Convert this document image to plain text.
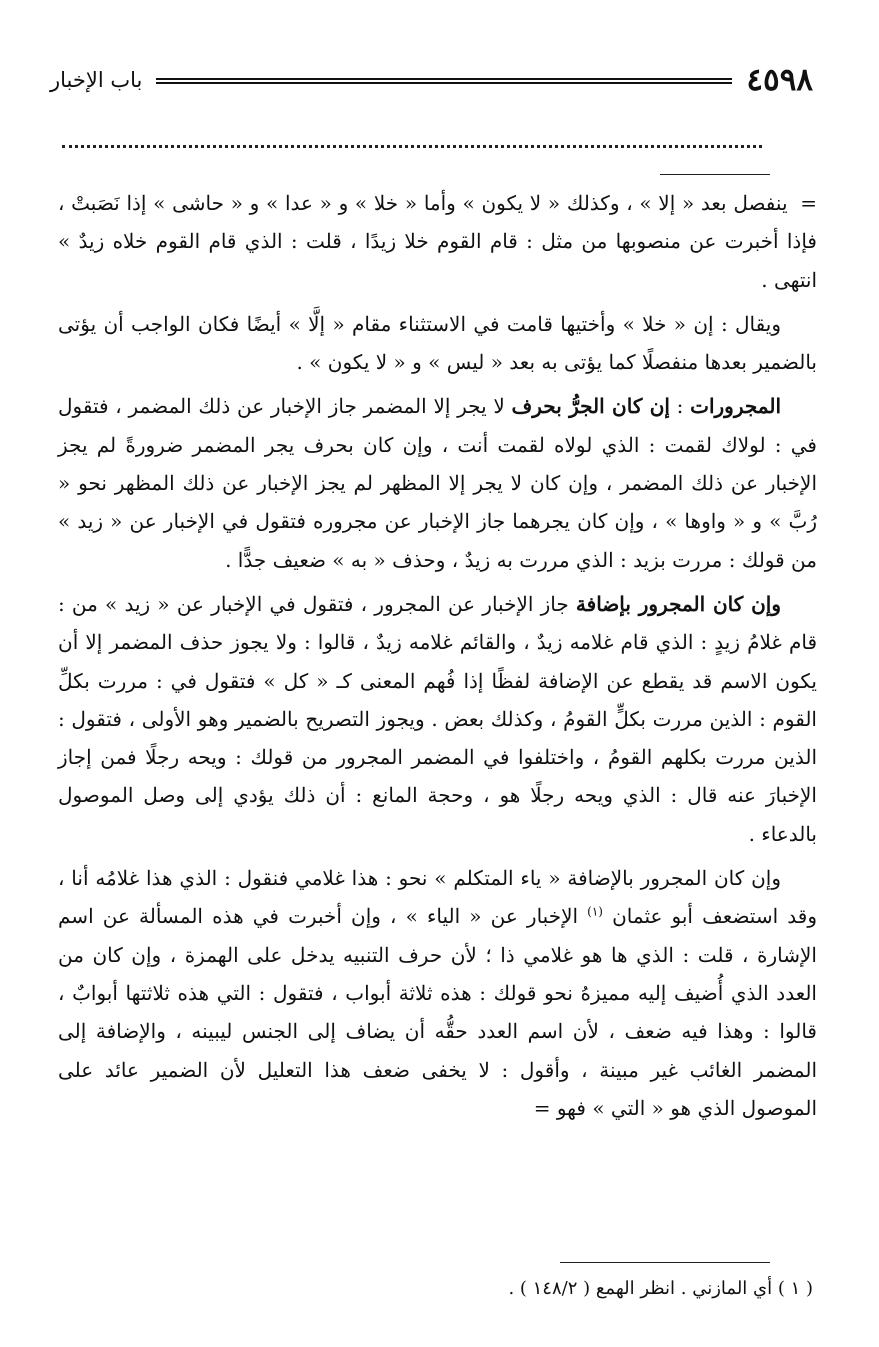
٤٥٩٨
باب الإخبار

= ينفصل بعد « إلا » ، وكذلك « لا يكون » وأما « خلا » و « عدا » و « حاشى » إذا نَصَبتْ ، فإذا أخبرت عن منصوبها من مثل : قام القوم خلا زيدًا ، قلت : الذي قام القوم خلاه زيدٌ » انتهى .

ويقال : إن « خلا » وأختيها قامت في الاستثناء مقام « إلَّا » أيضًا فكان الواجب أن يؤتى بالضمير بعدها منفصلًا كما يؤتى به بعد « ليس » و « لا يكون » .

المجرورات : إن كان الجرُّ بحرف لا يجر إلا المضمر جاز الإخبار عن ذلك المضمر ، فتقول في : لولاك لقمت : الذي لولاه لقمت أنت ، وإن كان بحرف يجر المضمر ضرورةً لم يجز الإخبار عن ذلك المضمر ، وإن كان لا يجر إلا المظهر لم يجز الإخبار عن ذلك المظهر نحو « رُبَّ » و « واوها » ، وإن كان يجرهما جاز الإخبار عن مجروره فتقول في الإخبار عن « زيد » من قولك : مررت بزيد : الذي مررت به زيدٌ ، وحذف « به » ضعيف جدًّا .

وإن كان المجرور بإضافة جاز الإخبار عن المجرور ، فتقول في الإخبار عن « زيد » من : قام غلامُ زيدٍ : الذي قام غلامه زيدٌ ، والقائم غلامه زيدٌ ، قالوا : ولا يجوز حذف المضمر إلا أن يكون الاسم قد يقطع عن الإضافة لفظًا إذا فُهم المعنى كـ « كل » فتقول في : مررت بكلِّ القوم : الذين مررت بكلٍّ القومُ ، وكذلك بعض . ويجوز التصريح بالضمير وهو الأولى ، فتقول : الذين مررت بكلهم القومُ ، واختلفوا في المضمر المجرور من قولك : ويحه رجلًا فمن إجاز الإخبارَ عنه قال : الذي ويحه رجلًا هو ، وحجة المانع : أن ذلك يؤدي إلى وصل الموصول بالدعاء .

وإن كان المجرور بالإضافة « ياء المتكلم » نحو : هذا غلامي فنقول : الذي هذا غلامُه أنا ، وقد استضعف أبو عثمان $^{(١)}$ الإخبار عن « الياء » ، وإن أخبرت في هذه المسألة عن اسم الإشارة ، قلت : الذي ها هو غلامي ذا ؛ لأن حرف التنبيه يدخل على الهمزة ، وإن كان من العدد الذي أُضيف إليه مميزهُ نحو قولك : هذه ثلاثة أبواب ، فتقول : التي هذه ثلاثتها أبوابٌ ، قالوا : وهذا فيه ضعف ، لأن اسم العدد حقُّه أن يضاف إلى الجنس ليبينه ، والإضافة إلى المضمر الغائب غير مبينة ، وأقول : لا يخفى ضعف هذا التعليل لأن الضمير عائد على الموصول الذي هو « التي » فهو =

( ١ ) أي المازني . انظر الهمع ( ١٤٨/٢ ) .
